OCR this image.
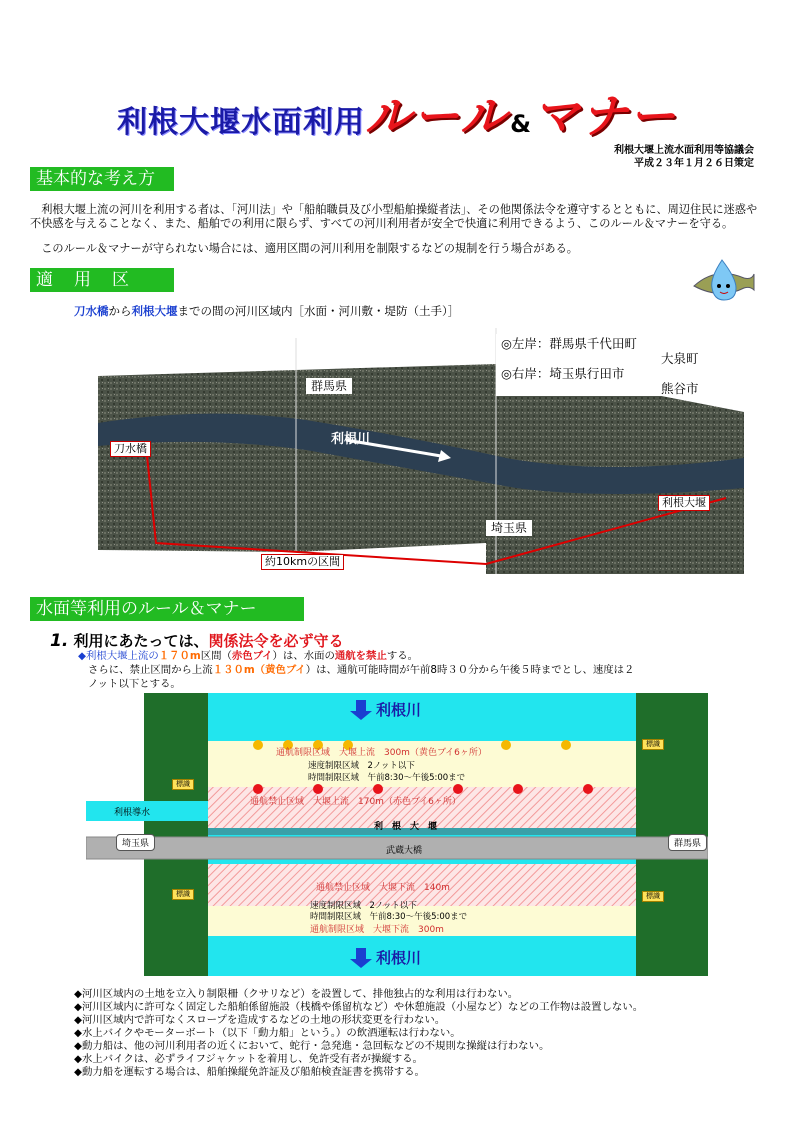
利根大堰水面利用ルール&マナー
利根大堰上流水面利用等協議会
平成２３年１月２６日策定
基本的な考え方
　利根大堰上流の河川を利用する者は、「河川法」や「船舶職員及び小型船舶操縦者法」、その他関係法令を遵守するとともに、周辺住民に迷惑や不快感を与えることなく、また、船舶での利用に限らず、すべての河川利用者が安全で快適に利用できるよう、このルール＆マナーを守る。
　このルール＆マナーが守られない場合には、適用区間の河川利用を制限するなどの規制を行う場合がある。
適　用　区　間	刀水橋から利根大堰までの間の河川区域内［水面・河川敷・堤防（土手）］
◎左岸：群馬県千代田町
大泉町
◎右岸：埼玉県行田市
熊谷市
群馬県
埼玉県
利根川
刀水橋
利根大堰
約10kmの区間
水面等利用のルール＆マナー
1. 利用にあたっては、関係法令を必ず守る
◆利根大堰上流の１７０m区間（赤色ブイ）は、水面の通航を禁止する。
さらに、禁止区間から上流１３０m（黄色ブイ）は、通航可能時間が午前8時３０分から午後５時までとし、速度は２
ノット以下とする。
利根川
利根川
通航制限区域　大堰上流　300m（黄色ブイ6ヶ所）
速度制限区域　2ノット以下
時間制限区域　午前8:30～午後5:00まで
通航禁止区域　大堰上流　170m（赤色ブイ6ヶ所）
利　根　大　堰
武蔵大橋
通航禁止区域　大堰下流　140m
速度制限区域　2ノット以下
時間制限区域　午前8:30～午後5:00まで
通航制限区域　大堰下流　300m
利根導水
埼玉県	群馬県
標識
標識
標識	標識
◆河川区域内の土地を立入り制限柵（クサリなど）を設置して、排他独占的な利用は行わない。
◆河川区域内に許可なく固定した船舶係留施設（桟橋や係留杭など）や休憩施設（小屋など）などの工作物は設置しない。
◆河川区域内で許可なくスロープを造成するなどの土地の形状変更を行わない。
◆水上バイクやモーターボート（以下「動力船」という。）の飲酒運転は行わない。
◆動力船は、他の河川利用者の近くにおいて、蛇行・急発進・急回転などの不規則な操縦は行わない。
◆水上バイクは、必ずライフジャケットを着用し、免許受有者が操縦する。
◆動力船を運転する場合は、船舶操縦免許証及び船舶検査証書を携帯する。
